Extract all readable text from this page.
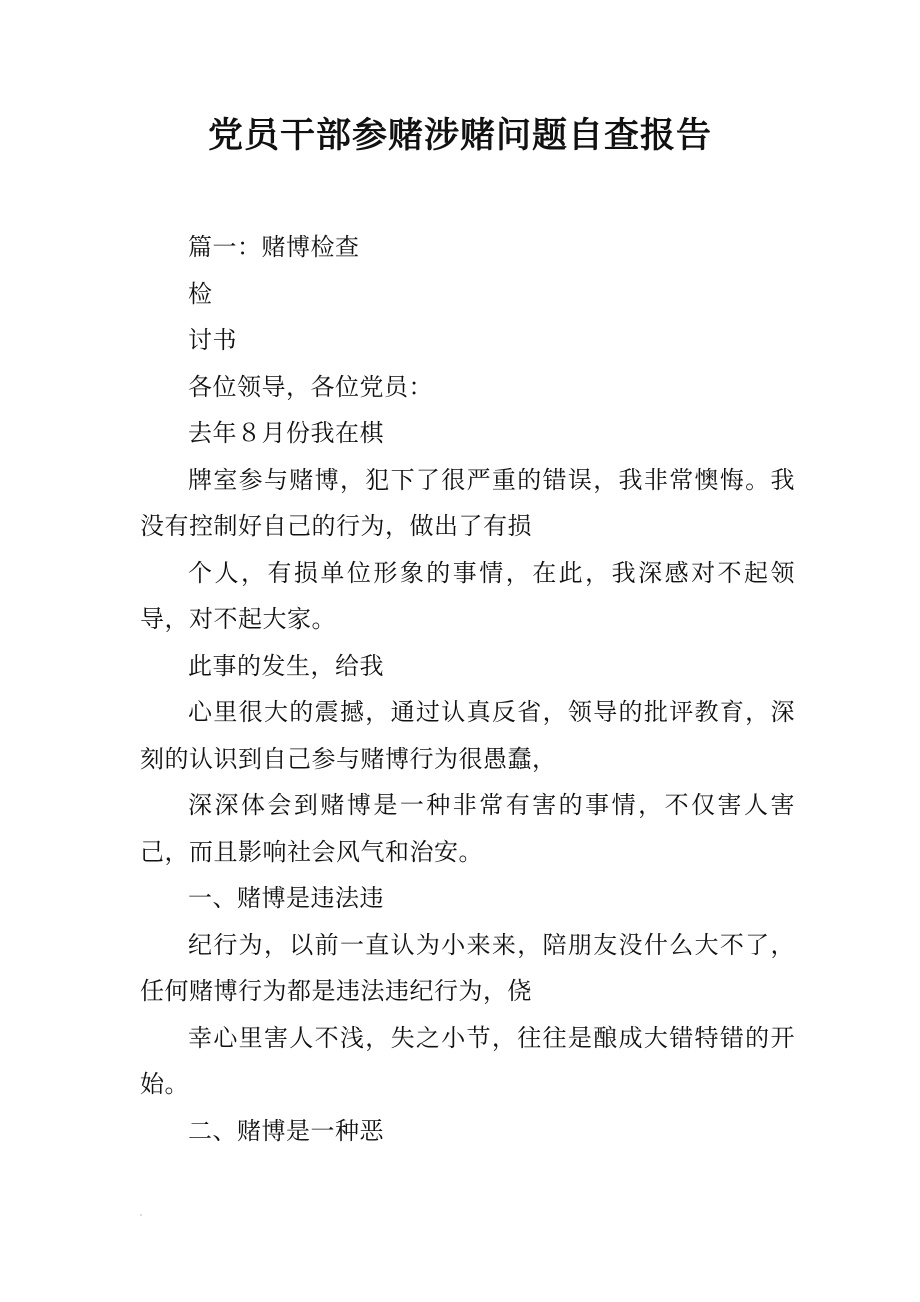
党员干部参赌涉赌问题自查报告

篇一：赌博检查

检

讨书

各位领导，各位党员：

去年８月份我在棋

牌室参与赌博，犯下了很严重的错误，我非常懊悔。我没有控制好自己的行为，做出了有损

个人，有损单位形象的事情，在此，我深感对不起领导，对不起大家。

此事的发生，给我

心里很大的震撼，通过认真反省，领导的批评教育，深刻的认识到自己参与赌博行为很愚蠢，

深深体会到赌博是一种非常有害的事情，不仅害人害己，而且影响社会风气和治安。

一、赌博是违法违

纪行为，以前一直认为小来来，陪朋友没什么大不了，任何赌博行为都是违法违纪行为，侥

幸心里害人不浅，失之小节，往往是酿成大错特错的开始。

二、赌博是一种恶
